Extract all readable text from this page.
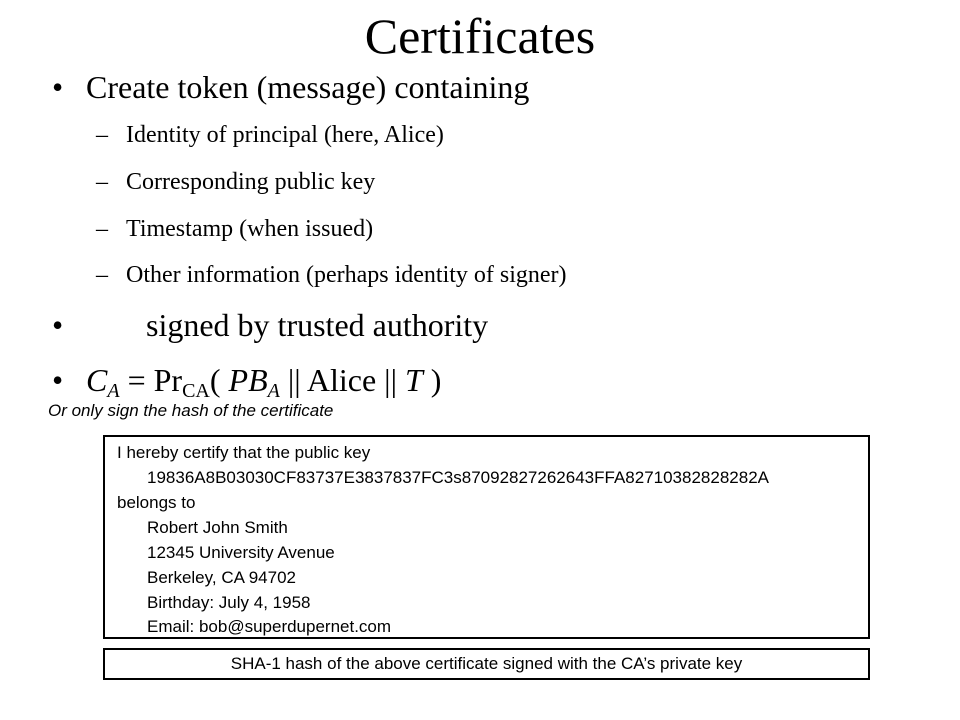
Certificates
• Create token (message) containing
– Identity of principal (here, Alice)
– Corresponding public key
– Timestamp (when issued)
– Other information (perhaps identity of signer)
•	signed by trusted authority
• $C_A = Pr_{CA}$( $PB_A$ || Alice || T )
Or only sign the hash of the certificate
I hereby certify that the public key
19836A8B03030CF83737E3837837FC3s87092827262643FFA82710382828282A
belongs to
Robert John Smith
12345 University Avenue
Berkeley, CA 94702
Birthday: July 4, 1958
Email: bob@superdupernet.com
SHA-1 hash of the above certificate signed with the CA’s private key
